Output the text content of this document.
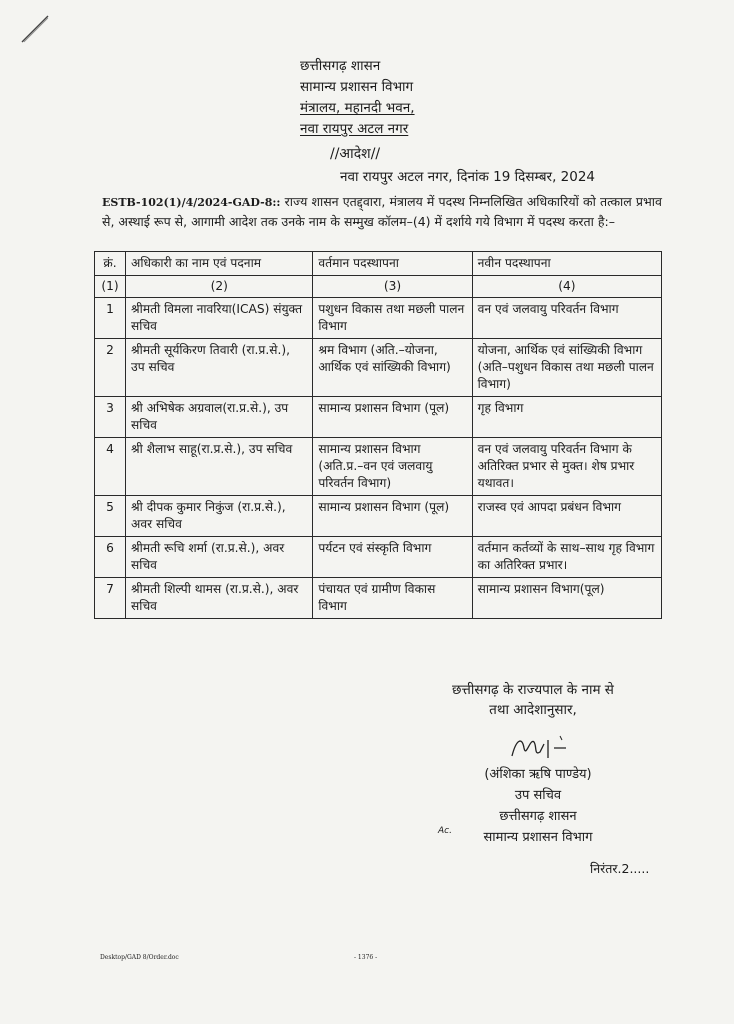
छत्तीसगढ़ शासन
सामान्य प्रशासन विभाग
मंत्रालय, महानदी भवन,
नवा रायपुर अटल नगर
//आदेश//
नवा रायपुर अटल नगर, दिनांक 19 दिसम्बर, 2024
ESTB-102(1)/4/2024-GAD-8:: राज्य शासन एतद्द्वारा, मंत्रालय में पदस्थ निम्नलिखित अधिकारियों को तत्काल प्रभाव से, अस्थाई रूप से, आगामी आदेश तक उनके नाम के सम्मुख कॉलम–(4) में दर्शाये गये विभाग में पदस्थ करता है:–
क्रं.	अधिकारी का नाम एवं पदनाम	वर्तमान पदस्थापना	नवीन पदस्थापना
(1)	(2)	(3)	(4)
1	श्रीमती विमला नावरिया(ICAS) संयुक्त सचिव	पशुधन विकास तथा मछली पालन विभाग	वन एवं जलवायु परिवर्तन विभाग
2	श्रीमती सूर्यकिरण तिवारी (रा.प्र.से.), उप सचिव	श्रम विभाग (अति.–योजना, आर्थिक एवं सांख्यिकी विभाग)	योजना, आर्थिक एवं सांख्यिकी विभाग (अति–पशुधन विकास तथा मछली पालन विभाग)
3	श्री अभिषेक अग्रवाल(रा.प्र.से.), उप सचिव	सामान्य प्रशासन विभाग (पूल)	गृह विभाग
4	श्री शैलाभ साहू(रा.प्र.से.), उप सचिव	सामान्य प्रशासन विभाग (अति.प्र.–वन एवं जलवायु परिवर्तन विभाग)	वन एवं जलवायु परिवर्तन विभाग के अतिरिक्त प्रभार से मुक्त। शेष प्रभार यथावत।
5	श्री दीपक कुमार निकुंज (रा.प्र.से.), अवर सचिव	सामान्य प्रशासन विभाग (पूल)	राजस्व एवं आपदा प्रबंधन विभाग
6	श्रीमती रूचि शर्मा (रा.प्र.से.), अवर सचिव	पर्यटन एवं संस्कृति विभाग	वर्तमान कर्तव्यों के साथ–साथ गृह विभाग का अतिरिक्त प्रभार।
7	श्रीमती शिल्पी थामस (रा.प्र.से.), अवर सचिव	पंचायत एवं ग्रामीण विकास विभाग	सामान्य प्रशासन विभाग(पूल)
छत्तीसगढ़ के राज्यपाल के नाम से
तथा आदेशानुसार,
(अंशिका ऋषि पाण्डेय)
उप सचिव
छत्तीसगढ़ शासन
सामान्य प्रशासन विभाग
Ac.
निरंतर.2.....
Desktop/GAD 8/Order.doc	- 1376 -
